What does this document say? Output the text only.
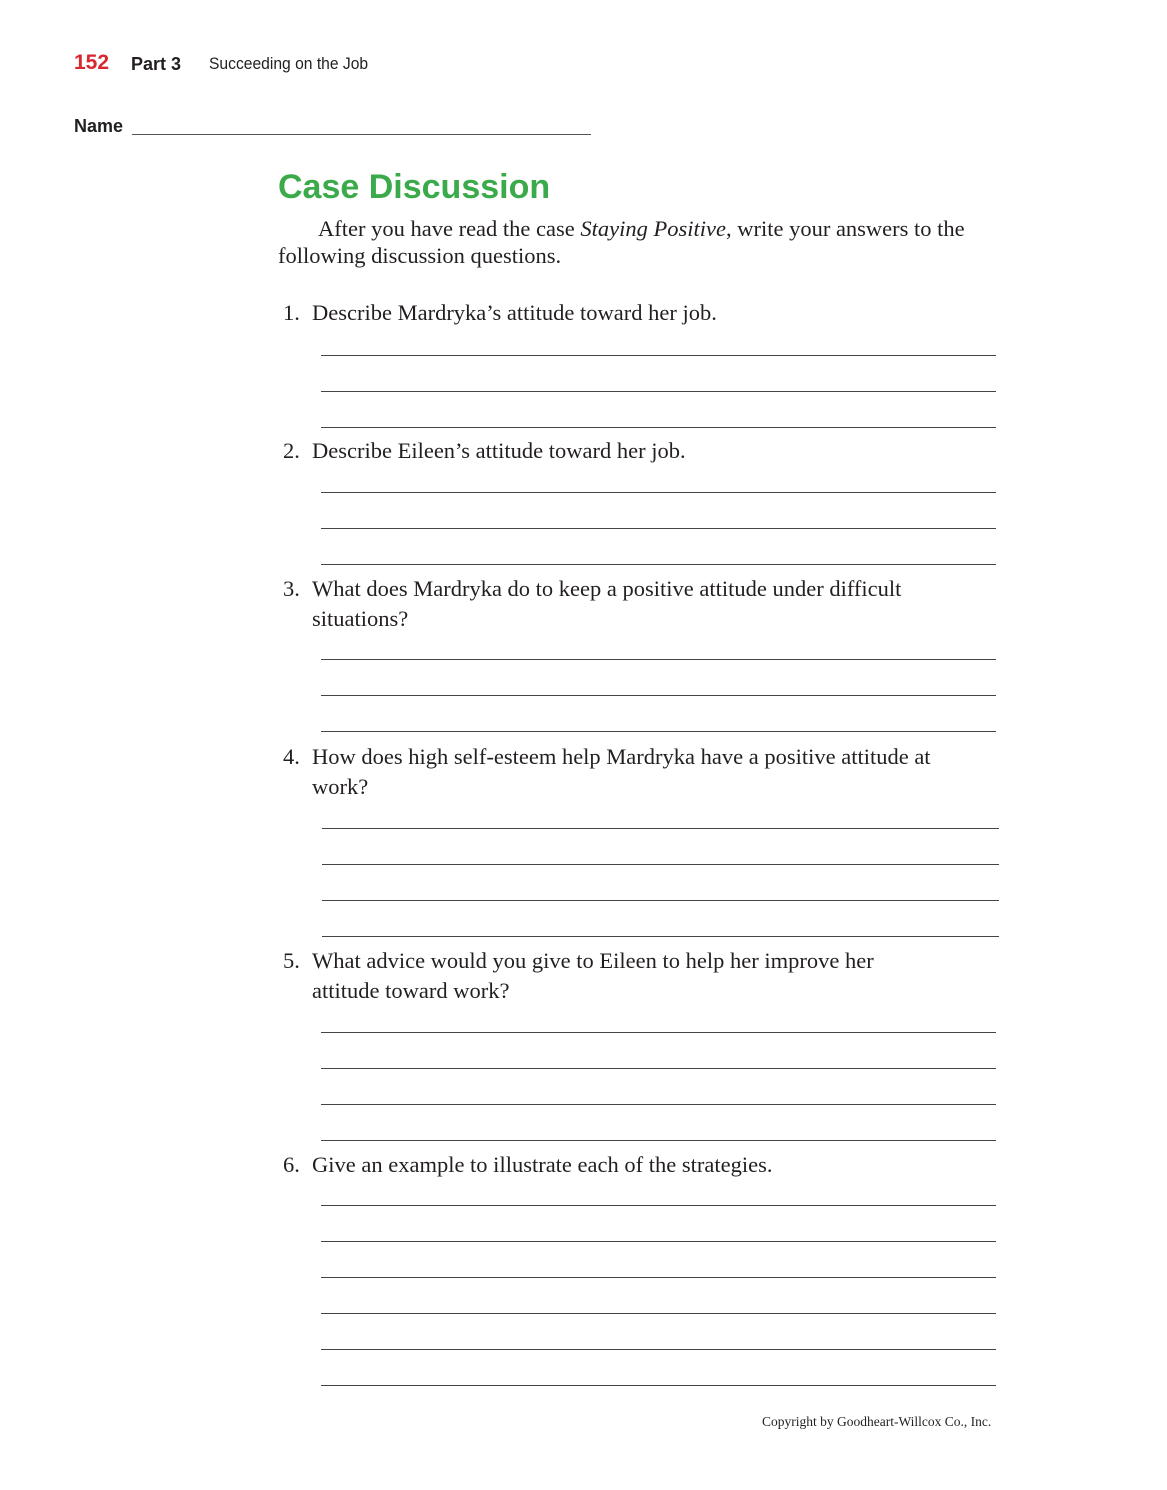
152 Part 3 Succeeding on the Job
Name
Case Discussion
After you have read the case Staying Positive, write your answers to the following discussion questions.
1. Describe Mardryka’s attitude toward her job.
2. Describe Eileen’s attitude toward her job.
3. What does Mardryka do to keep a positive attitude under difficult situations?
4. How does high self-esteem help Mardryka have a positive attitude at work?
5. What advice would you give to Eileen to help her improve her attitude toward work?
6. Give an example to illustrate each of the strategies.
Copyright by Goodheart-Willcox Co., Inc.
